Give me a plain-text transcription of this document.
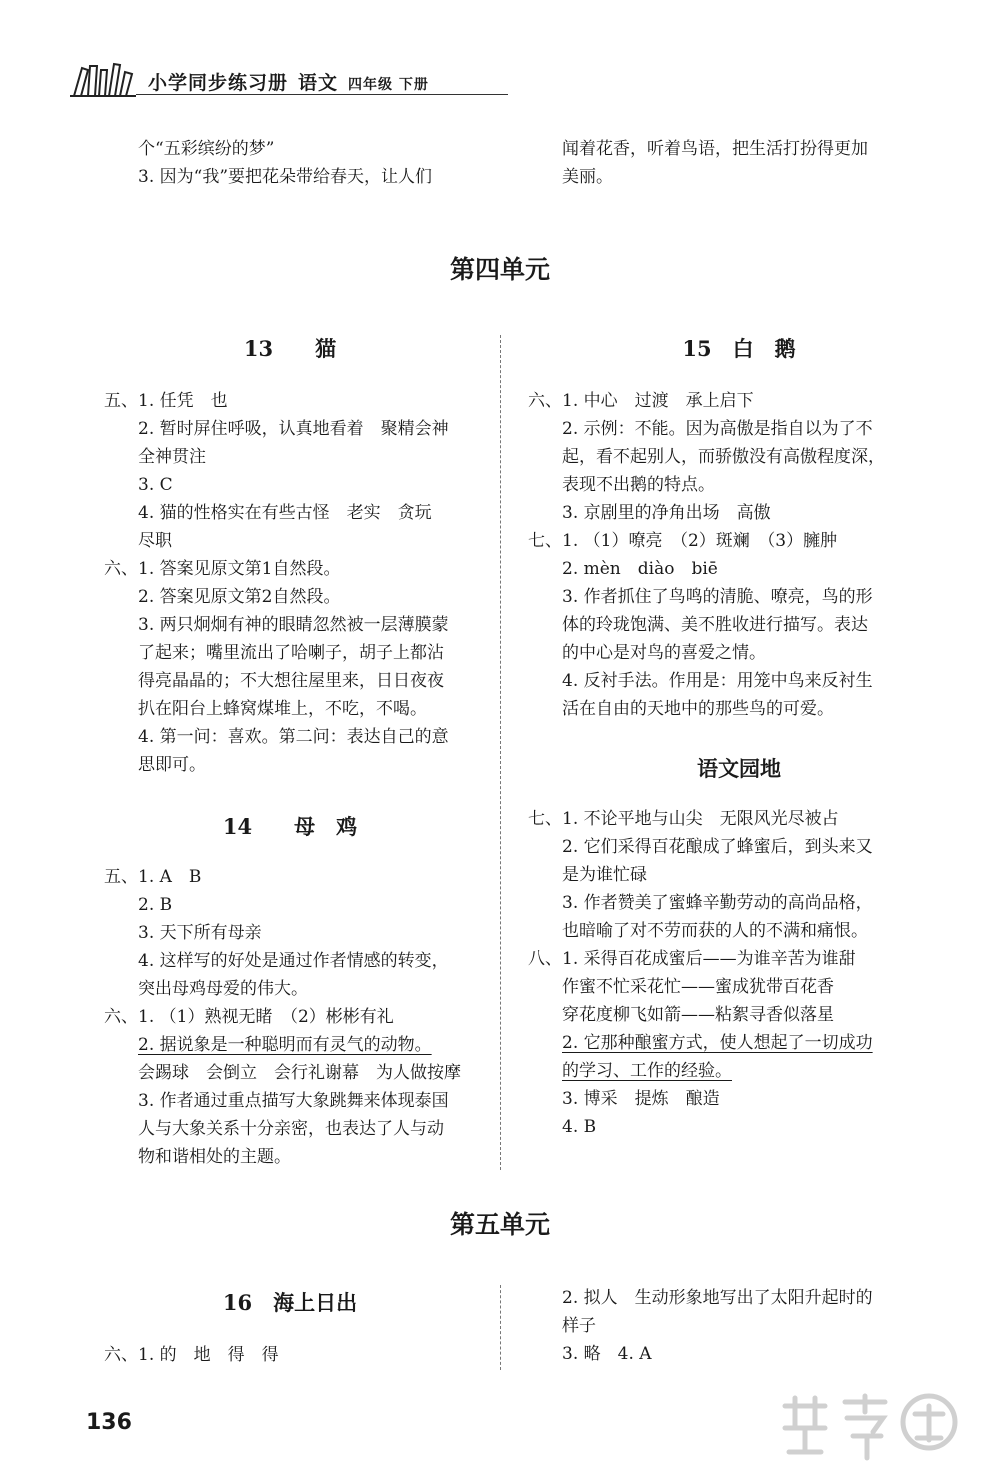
小学同步练习册 语文 四年级 下册
个“五彩缤纷的梦”
3. 因为“我”要把花朵带给春天，让人们
闻着花香，听着鸟语，把生活打扮得更加
美丽。
第四单元
13　　猫
五、1. 任凭　也
2. 暂时屏住呼吸，认真地看着　聚精会神
全神贯注
3. C
4. 猫的性格实在有些古怪　老实　贪玩
尽职
六、1. 答案见原文第1自然段。
2. 答案见原文第2自然段。
3. 两只炯炯有神的眼睛忽然被一层薄膜蒙
了起来；嘴里流出了哈喇子，胡子上都沾
得亮晶晶的；不大想往屋里来，日日夜夜
扒在阳台上蜂窝煤堆上，不吃，不喝。
4. 第一问：喜欢。第二问：表达自己的意
思即可。
14　　母　鸡
五、1. A　B
2. B
3. 天下所有母亲
4. 这样写的好处是通过作者情感的转变，
突出母鸡母爱的伟大。
六、1. （1）熟视无睹　（2）彬彬有礼
2. 据说象是一种聪明而有灵气的动物。
会踢球　会倒立　会行礼谢幕　为人做按摩
3. 作者通过重点描写大象跳舞来体现泰国
人与大象关系十分亲密，也表达了人与动
物和谐相处的主题。
15　白　鹅
六、1. 中心　过渡　承上启下
2. 示例：不能。因为高傲是指自以为了不
起，看不起别人，而骄傲没有高傲程度深，
表现不出鹅的特点。
3. 京剧里的净角出场　高傲
七、1. （1）嘹亮　（2）斑斓　（3）臃肿
2. mèn　diào　biē
3. 作者抓住了鸟鸣的清脆、嘹亮，鸟的形
体的玲珑饱满、美不胜收进行描写。表达
的中心是对鸟的喜爱之情。
4. 反衬手法。作用是：用笼中鸟来反衬生
活在自由的天地中的那些鸟的可爱。
语文园地
七、1. 不论平地与山尖　无限风光尽被占
2. 它们采得百花酿成了蜂蜜后，到头来又
是为谁忙碌
3. 作者赞美了蜜蜂辛勤劳动的高尚品格，
也暗喻了对不劳而获的人的不满和痛恨。
八、1. 采得百花成蜜后——为谁辛苦为谁甜
作蜜不忙采花忙——蜜成犹带百花香
穿花度柳飞如箭——粘絮寻香似落星
2. 它那种酿蜜方式，使人想起了一切成功
的学习、工作的经验。
3. 博采　提炼　酿造
4. B
第五单元
16　海上日出
六、1. 的　地　得　得
2. 拟人　生动形象地写出了太阳升起时的
样子
3. 略　4. A
136
